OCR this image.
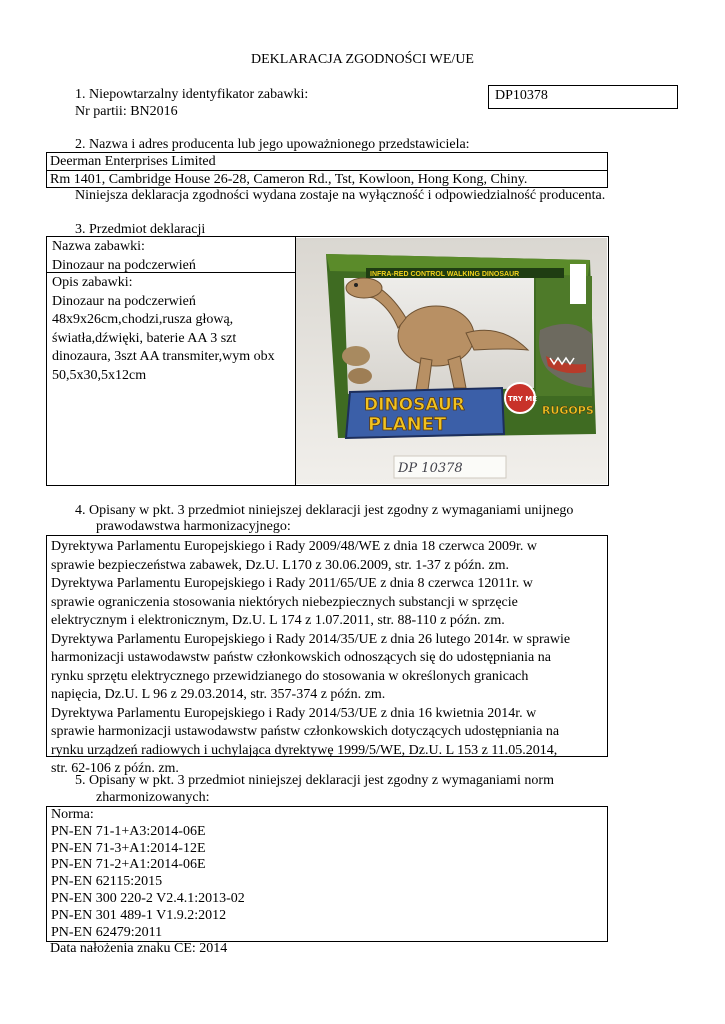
DEKLARACJA ZGODNOŚCI WE/UE
1. Niepowtarzalny identyfikator zabawki:
Nr partii: BN2016
DP10378
2. Nazwa i adres producenta lub jego upoważnionego przedstawiciela:
Deerman Enterprises Limited
Rm 1401, Cambridge House 26-28, Cameron Rd., Tst, Kowloon, Hong Kong, Chiny.
Niniejsza deklaracja zgodności wydana zostaje na wyłączność i odpowiedzialność producenta.
3. Przedmiot deklaracji
Nazwa zabawki:
Dinozaur na podczerwień
Opis zabawki:
Dinozaur na podczerwień
48x9x26cm,chodzi,rusza głową,
światła,dźwięki, baterie AA 3 szt
dinozaura, 3szt AA transmiter,wym obx
50,5x30,5x12cm
INFRA-RED CONTROL WALKING DINOSAUR
DINOSAUR
PLANET
TRY ME
RUGOPS
DP 10378
4. Opisany w pkt. 3 przedmiot niniejszej deklaracji jest zgodny z wymaganiami unijnego
prawodawstwa harmonizacyjnego:
Dyrektywa Parlamentu Europejskiego i Rady 2009/48/WE z dnia 18 czerwca 2009r. w
sprawie bezpieczeństwa zabawek, Dz.U. L170 z 30.06.2009, str. 1-37 z późn. zm.
Dyrektywa Parlamentu Europejskiego i Rady 2011/65/UE z dnia 8 czerwca 12011r. w
sprawie ograniczenia stosowania niektórych niebezpiecznych substancji w sprzęcie
elektrycznym i elektronicznym, Dz.U. L 174 z 1.07.2011, str. 88-110 z późn. zm.
Dyrektywa Parlamentu Europejskiego i Rady 2014/35/UE z dnia 26 lutego 2014r. w sprawie
harmonizacji ustawodawstw państw członkowskich odnoszących się do udostępniania na
rynku sprzętu elektrycznego przewidzianego do stosowania w określonych granicach
napięcia, Dz.U. L 96 z 29.03.2014, str. 357-374 z późn. zm.
Dyrektywa Parlamentu Europejskiego i Rady 2014/53/UE z dnia 16 kwietnia 2014r. w
sprawie harmonizacji ustawodawstw państw członkowskich dotyczących udostępniania na
rynku urządzeń radiowych i uchylająca dyrektywę 1999/5/WE, Dz.U. L 153 z 11.05.2014,
str. 62-106 z późn. zm.
5. Opisany w pkt. 3 przedmiot niniejszej deklaracji jest zgodny z wymaganiami norm
zharmonizowanych:
Norma:
PN-EN 71-1+A3:2014-06E
PN-EN 71-3+A1:2014-12E
PN-EN 71-2+A1:2014-06E
PN-EN 62115:2015
PN-EN 300 220-2 V2.4.1:2013-02
PN-EN 301 489-1 V1.9.2:2012
PN-EN 62479:2011
Data nałożenia znaku CE: 2014
